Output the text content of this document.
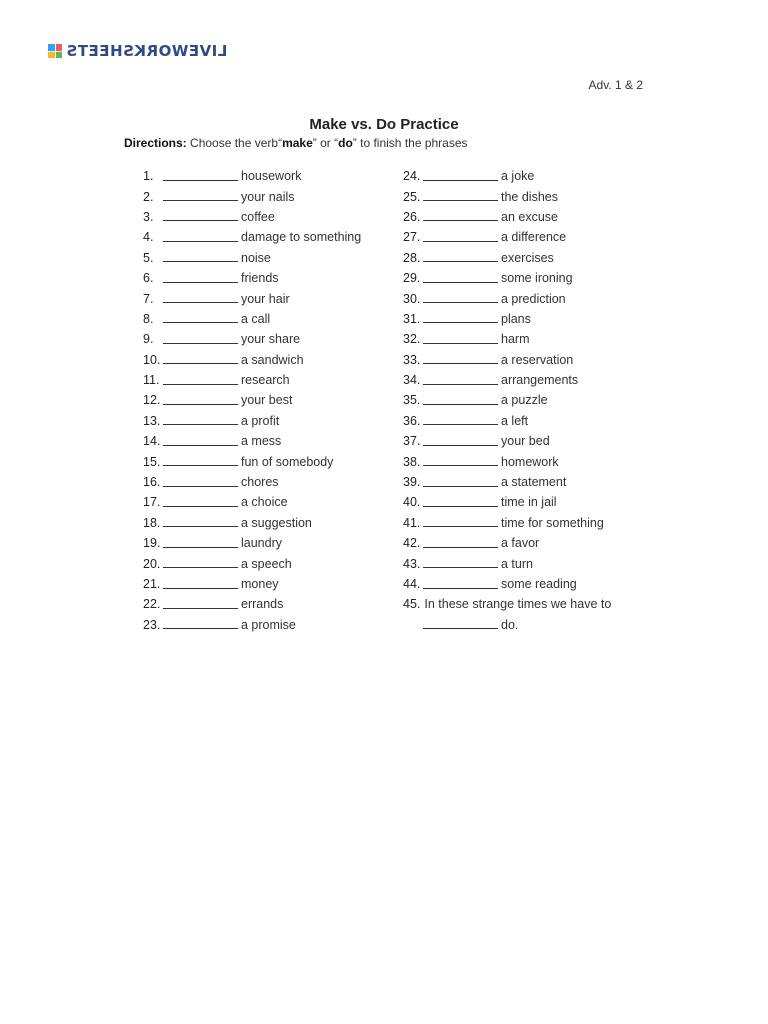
LIVEWORKSHEETS
Adv. 1 & 2
Make vs. Do Practice
Directions: Choose the verb“make” or “do” to finish the phrases
1.	housework
2.	your nails
3.	coffee
4.	damage to something
5.	noise
6.	friends
7.	your hair
8.	a call
9.	your share
10.	a sandwich
11.	research
12.	your best
13.	a profit
14.	a mess
15.	fun of somebody
16.	chores
17.	a choice
18.	a suggestion
19.	laundry
20.	a speech
21.	money
22.	errands
23.	a promise
24.	a joke
25.	the dishes
26.	an excuse
27.	a difference
28.	exercises
29.	some ironing
30.	a prediction
31.	plans
32.	harm
33.	a reservation
34.	arrangements
35.	a puzzle
36.	a left
37.	your bed
38.	homework
39.	a statement
40.	time in jail
41.	time for something
42.	a favor
43.	a turn
44.	some reading
45. In these strange times we have to
do.
